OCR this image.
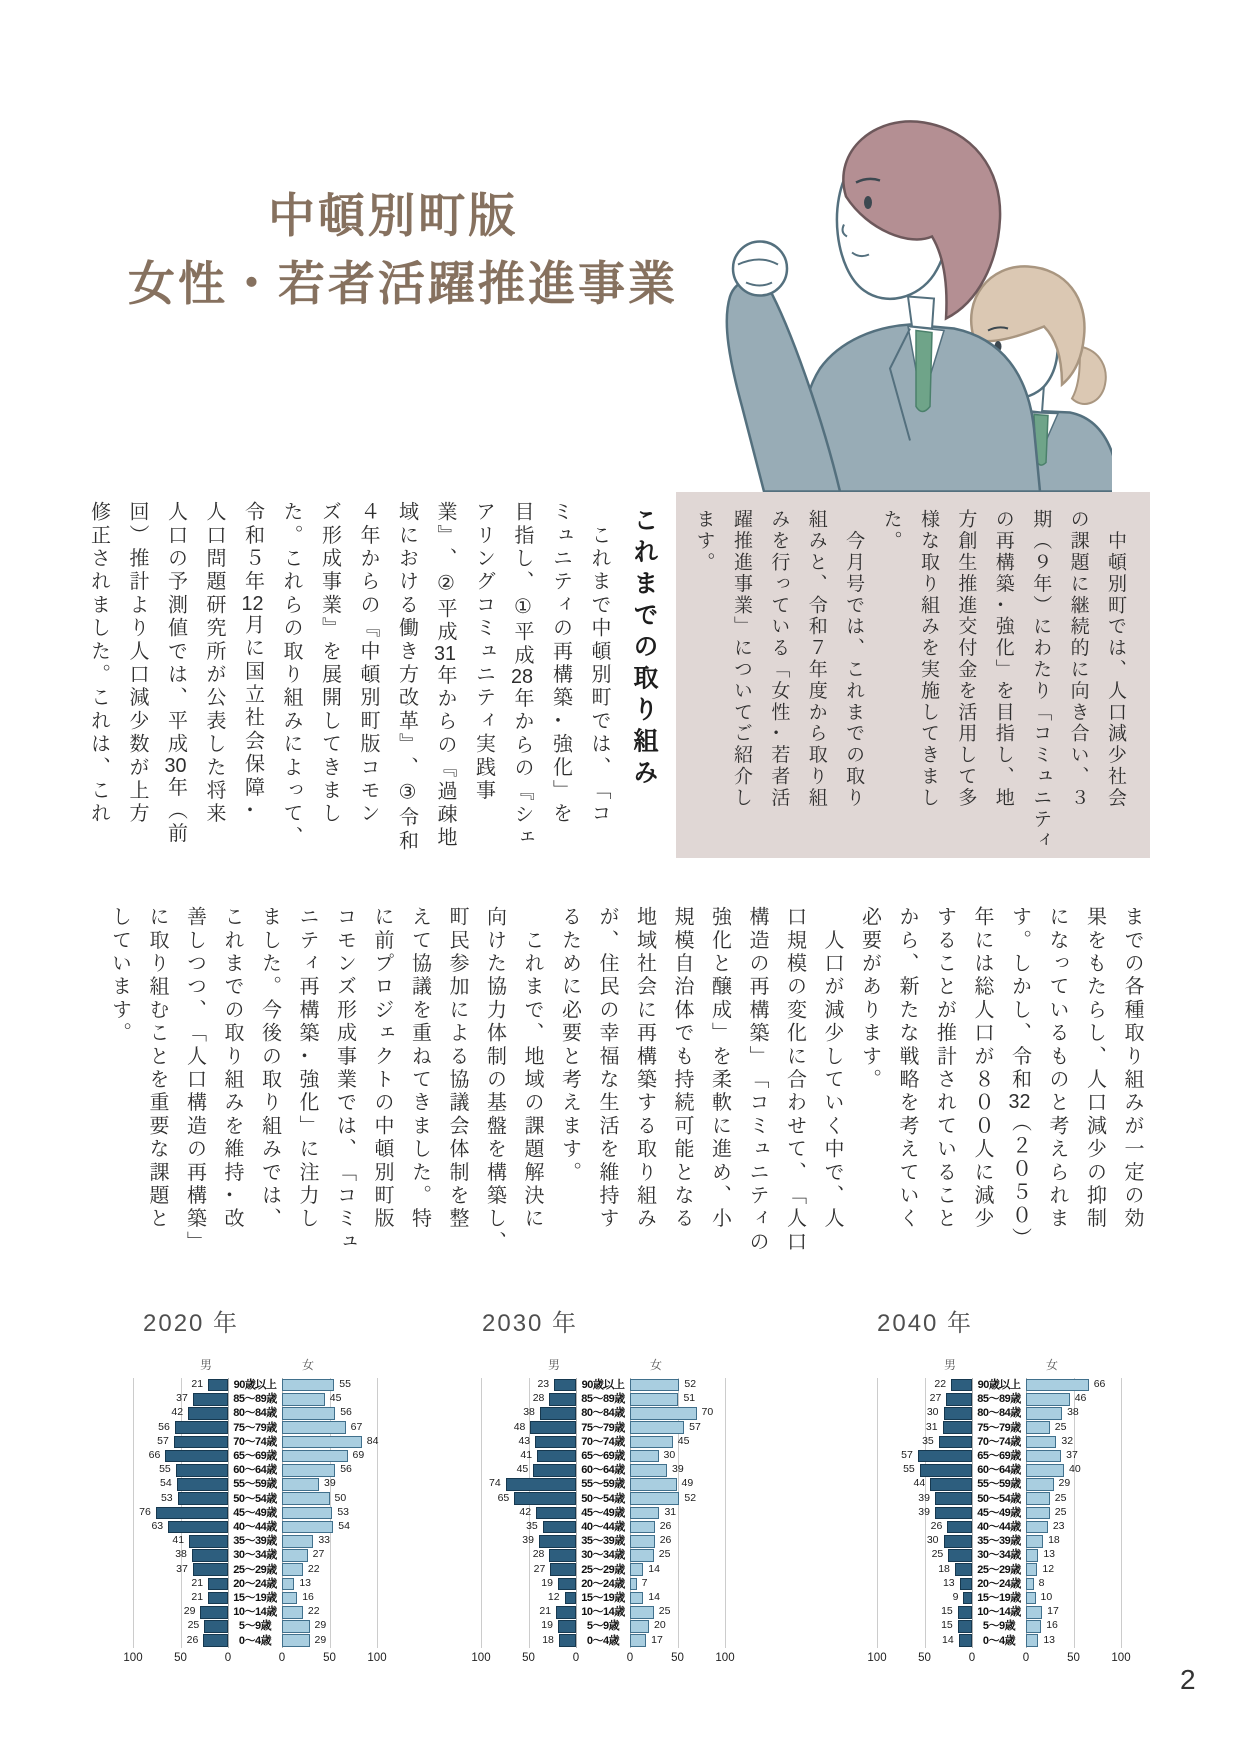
中頓別町版
女性・若者活躍推進事業
　中頓別町では、人口減少社会
の課題に継続的に向き合い、３
期（９年）にわたり「コミュニティ
の再構築・強化」を目指し、地
方創生推進交付金を活用して多
様な取り組みを実施してきまし
た。
　今月号では、これまでの取り
組みと、令和７年度から取り組
みを行っている「女性・若者活
躍推進事業」についてご紹介し
ます。
これまでの取り組み
　これまで中頓別町では、「コ
ミュニティの再構築・強化」を
目指し、①平成28年からの『シェ
アリングコミュニティ実践事
業』、②平成31年からの『過疎地
域における働き方改革』、③令和
４年からの『中頓別町版コモン
ズ形成事業』を展開してきまし
た。これらの取り組みによって、
令和５年12月に国立社会保障・
人口問題研究所が公表した将来
人口の予測値では、平成30年（前
回）推計より人口減少数が上方
修正されました。これは、これ
までの各種取り組みが一定の効
果をもたらし、人口減少の抑制
になっているものと考えられま
す。しかし、令和32（２０５０）
年には総人口が８００人に減少
することが推計されていること
から、新たな戦略を考えていく
必要があります。
　人口が減少していく中で、人
口規模の変化に合わせて、「人口
構造の再構築」「コミュニティの
強化と醸成」を柔軟に進め、小
規模自治体でも持続可能となる
地域社会に再構築する取り組み
が、住民の幸福な生活を維持す
るために必要と考えます。
　これまで、地域の課題解決に
向けた協力体制の基盤を構築し、
町民参加による協議会体制を整
えて協議を重ねてきました。特
に前プロジェクトの中頓別町版
コモンズ形成事業では、「コミュ
ニティ再構築・強化」に注力し
ました。今後の取り組みでは、
これまでの取り組みを維持・改
善しつつ、「人口構造の再構築」
に取り組むことを重要な課題と
しています。
2020 年
男	女
21	90歳以上	55
37	85～89歳	45
42	80～84歳	56
56	75～79歳	67
57	70～74歳	84
66	65～69歳	69
55	60～64歳	56
54	55～59歳	39
53	50～54歳	50
76	45～49歳	53
63	40～44歳	54
41	35～39歳	33
38	30～34歳	27
37	25～29歳	22
21	20～24歳	13
21	15～19歳	16
29	10～14歳	22
25	5～9歳	29
26	0～4歳	29
100	50	0	0	50	100
2030 年
男	女
23	90歳以上	52
28	85～89歳	51
38	80～84歳	70
48	75～79歳	57
43	70～74歳	45
41	65～69歳	30
45	60～64歳	39
74	55～59歳	49
65	50～54歳	52
42	45～49歳	31
35	40～44歳	26
39	35～39歳	26
28	30～34歳	25
27	25～29歳	14
19	20～24歳	7
12	15～19歳	14
21	10～14歳	25
19	5～9歳	20
18	0～4歳	17
100	50	0	0	50	100
2040 年
男	女
22	90歳以上	66
27	85～89歳	46
30	80～84歳	38
31	75～79歳	25
35	70～74歳	32
57	65～69歳	37
55	60～64歳	40
44	55～59歳	29
39	50～54歳	25
39	45～49歳	25
26	40～44歳	23
30	35～39歳	18
25	30～34歳	13
18	25～29歳	12
13	20～24歳	8
9	15～19歳	10
15	10～14歳	17
15	5～9歳	16
14	0～4歳	13
100	50	0	0	50	100
2
